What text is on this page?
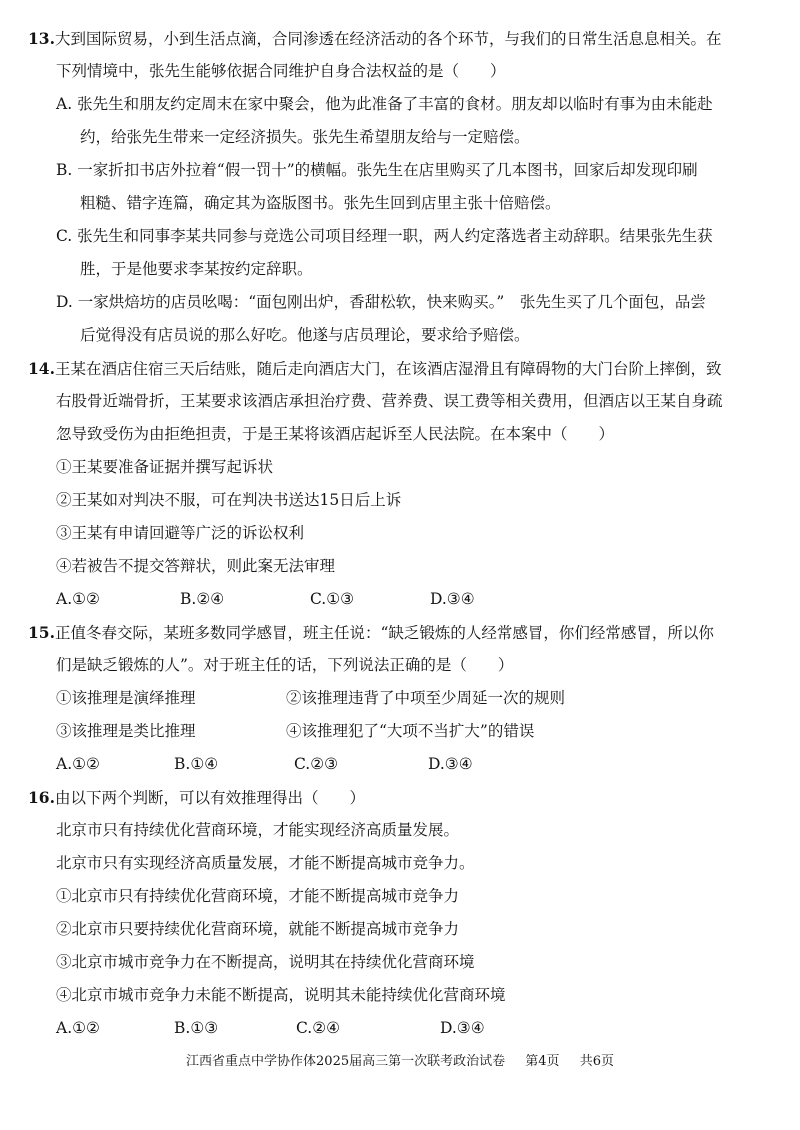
13.大到国际贸易，小到生活点滴，合同渗透在经济活动的各个环节，与我们的日常生活息息相关。在
下列情境中，张先生能够依据合同维护自身合法权益的是（　　）
A. 张先生和朋友约定周末在家中聚会，他为此准备了丰富的食材。朋友却以临时有事为由未能赴
约，给张先生带来一定经济损失。张先生希望朋友给与一定赔偿。
B. 一家折扣书店外拉着“假一罚十”的横幅。张先生在店里购买了几本图书，回家后却发现印刷
粗糙、错字连篇，确定其为盗版图书。张先生回到店里主张十倍赔偿。
C. 张先生和同事李某共同参与竞选公司项目经理一职，两人约定落选者主动辞职。结果张先生获
胜，于是他要求李某按约定辞职。
D. 一家烘焙坊的店员吆喝：“面包刚出炉，香甜松软，快来购买。”　张先生买了几个面包，品尝
后觉得没有店员说的那么好吃。他遂与店员理论，要求给予赔偿。
14.王某在酒店住宿三天后结账，随后走向酒店大门，在该酒店湿滑且有障碍物的大门台阶上摔倒，致
右股骨近端骨折，王某要求该酒店承担治疗费、营养费、误工费等相关费用，但酒店以王某自身疏
忽导致受伤为由拒绝担责，于是王某将该酒店起诉至人民法院。在本案中（　　）
①王某要准备证据并撰写起诉状
②王某如对判决不服，可在判决书送达15日后上诉
③王某有申请回避等广泛的诉讼权利
④若被告不提交答辩状，则此案无法审理
A.①②	B.②④	C.①③	D.③④
15.正值冬春交际，某班多数同学感冒，班主任说：“缺乏锻炼的人经常感冒，你们经常感冒，所以你
们是缺乏锻炼的人”。对于班主任的话，下列说法正确的是（　　）
①该推理是演绎推理	②该推理违背了中项至少周延一次的规则
③该推理是类比推理	④该推理犯了“大项不当扩大”的错误
A.①②	B.①④	C.②③	D.③④
16.由以下两个判断，可以有效推理得出（　　）
北京市只有持续优化营商环境，才能实现经济高质量发展。
北京市只有实现经济高质量发展，才能不断提高城市竞争力。
①北京市只有持续优化营商环境，才能不断提高城市竞争力
②北京市只要持续优化营商环境，就能不断提高城市竞争力
③北京市城市竞争力在不断提高，说明其在持续优化营商环境
④北京市城市竞争力未能不断提高，说明其未能持续优化营商环境
A.①②	B.①③	C.②④	D.③④
江西省重点中学协作体2025届高三第一次联考政治试卷 第4页 共6页
